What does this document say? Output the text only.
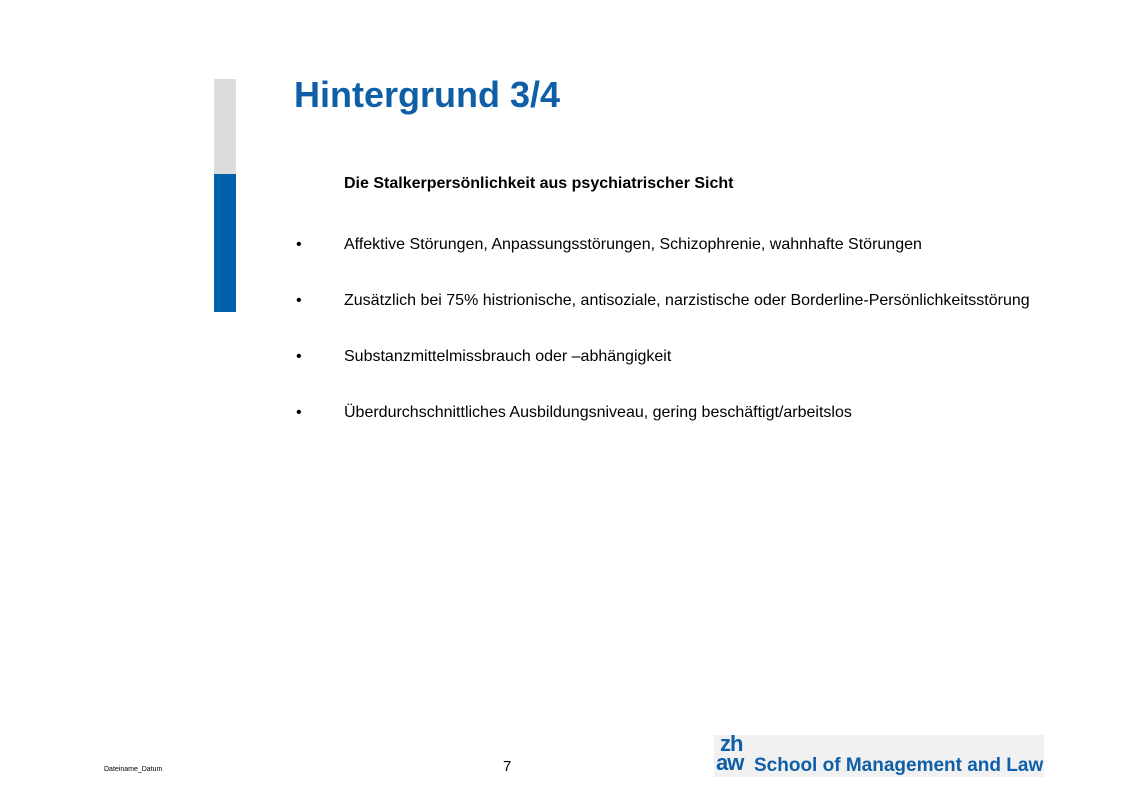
Hintergrund 3/4
Die Stalkerpersönlichkeit aus psychiatrischer Sicht
•	Affektive Störungen, Anpassungsstörungen, Schizophrenie, wahnhafte Störungen
•	Zusätzlich bei 75% histrionische, antisoziale, narzistische oder Borderline-Persönlichkeitsstörung
•	Substanzmittelmissbrauch oder –abhängigkeit
•	Überdurchschnittliches Ausbildungsniveau, gering beschäftigt/arbeitslos
Dateiname_Datum	7
zh
aw School of Management and Law
